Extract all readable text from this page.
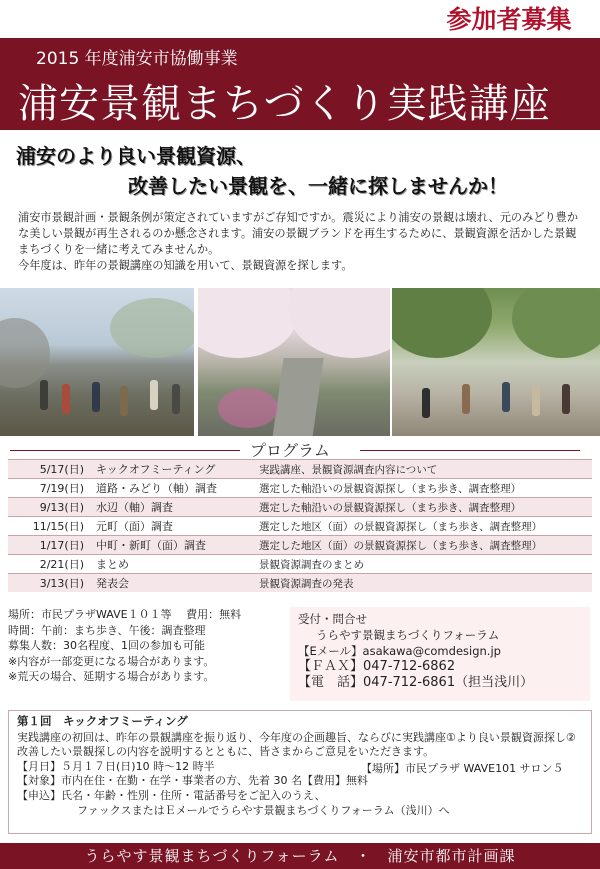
参加者募集
2015 年度浦安市協働事業
浦安景観まちづくり実践講座
浦安のより良い景観資源、
改善したい景観を、一緒に探しませんか！

浦安市景観計画・景観条例が策定されていますがご存知ですか。震災により浦安の景観は壊れ、元のみどり豊かな美しい景観が再生されるのか懸念されます。浦安の景観ブランドを再生するために、景観資源を活かした景観まちづくりを一緒に考えてみませんか。

今年度は、昨年の景観講座の知識を用いて、景観資源を探します。

プログラム
5/17(日)	キックオフミーティング	実践講座、景観資源調査内容について
7/19(日)	道路・みどり（軸）調査	選定した軸沿いの景観資源探し（まち歩き、調査整理）
9/13(日)	水辺（軸）調査	選定した軸沿いの景観資源探し（まち歩き、調査整理）
11/15(日)	元町（面）調査	選定した地区（面）の景観資源探し（まち歩き、調査整理）
1/17(日)	中町・新町（面）調査	選定した地区（面）の景観資源探し（まち歩き、調査整理）
2/21(日)	まとめ	景観資源調査のまとめ
3/13(日)	発表会	景観資源調査の発表
場所：市民プラザWAVE１０１等　 費用：無料
時間：午前：まち歩き、午後：調査整理
募集人数：30名程度、1回の参加も可能
※内容が一部変更になる場合があります。
※荒天の場合、延期する場合があります。
受付・問合せ
うらやす景観まちづくりフォーラム
【Eメール】asakawa@comdesign.jp
【ＦＡＸ】047-712-6862
【電　話】047-712-6861（担当浅川）
第１回　キックオフミーティング
実践講座の初回は、昨年の景観講座を振り返り、今年度の企画趣旨、ならびに実践講座①より良い景観資源探し②改善したい景観探しの内容を説明するとともに、皆さまからご意見をいただきます。
【月日】５月１７日(日)10 時〜12 時半	【場所】市民プラザ WAVE101 サロン５
【対象】市内在住・在勤・在学・事業者の方、先着 30 名【費用】無料
【申込】氏名・年齢・性別・住所・電話番号をご記入のうえ、
ファックスまたはＥメールでうらやす景観まちづくりフォーラム（浅川）へ
うらやす景観まちづくりフォーラム　・　浦安市都市計画課
